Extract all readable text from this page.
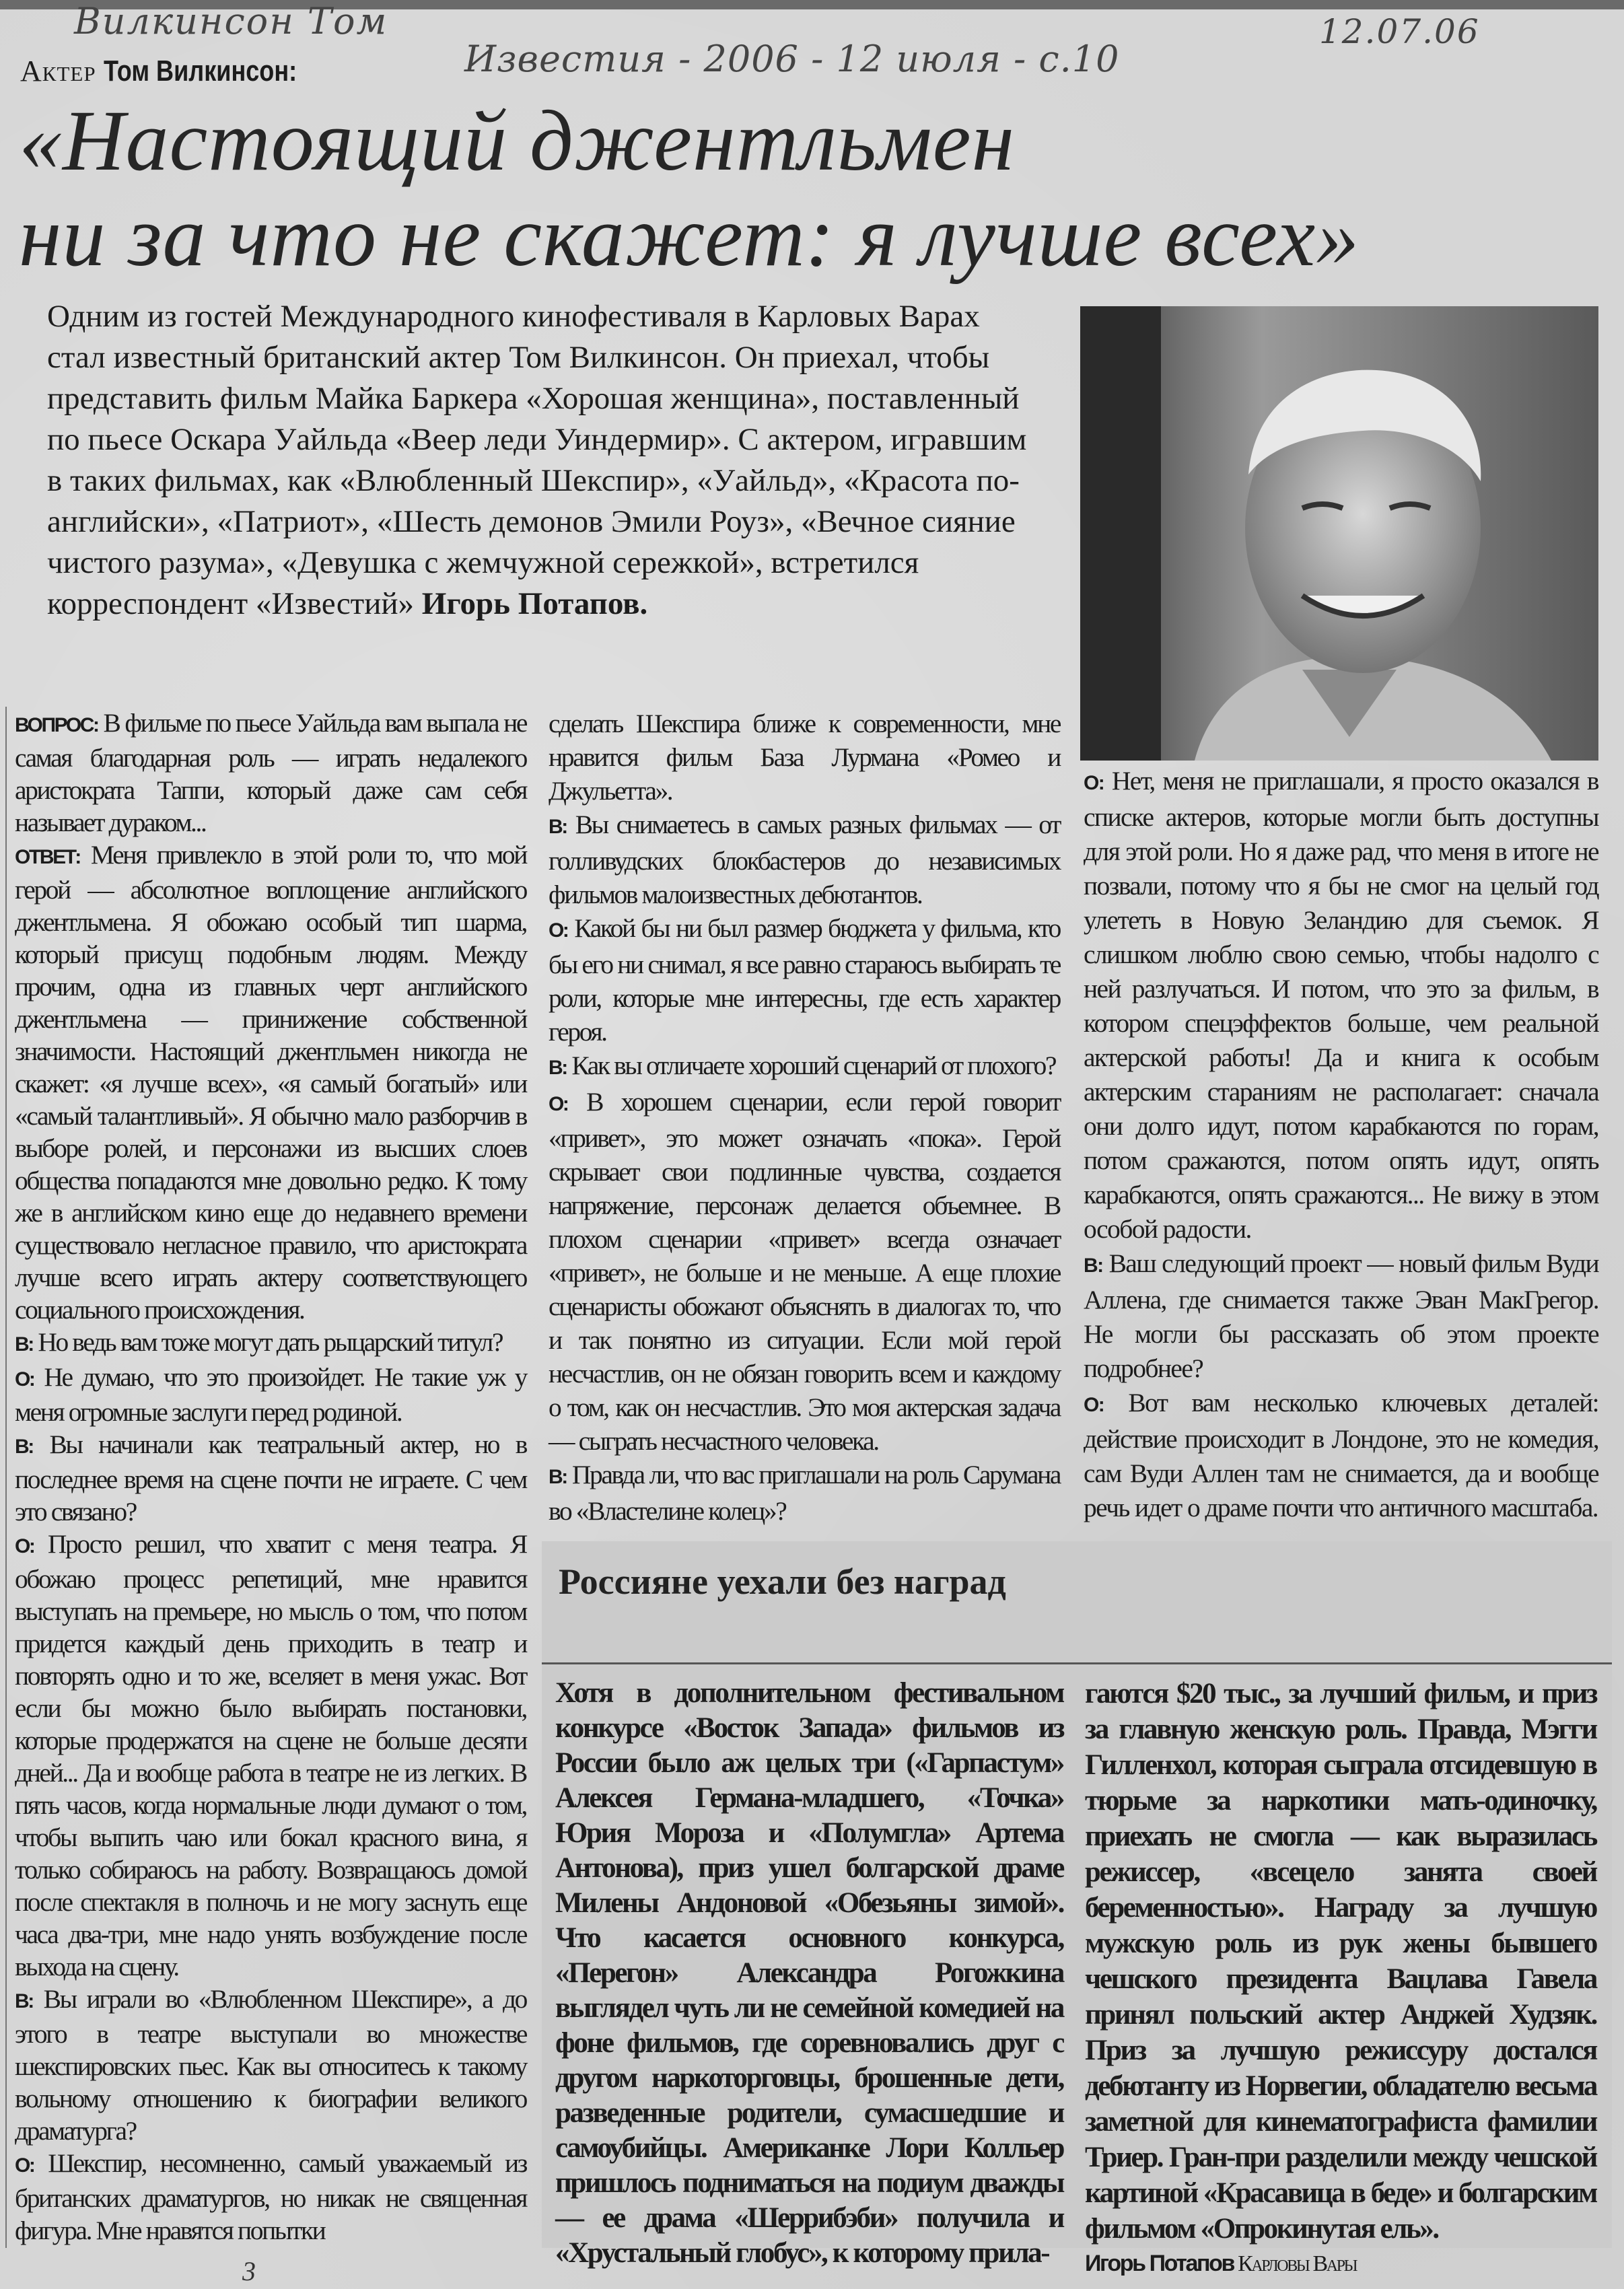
Вилкинсон Том
Известия - 2006 - 12 июля - с.10
12.07.06
Актер Том Вилкинсон:
«Настоящий джентльмен
ни за что не скажет: я лучше всех»
Одним из гостей Международного кинофестиваля в Карловых Варах стал известный британский актер Том Вилкинсон. Он приехал, чтобы представить фильм Майка Баркера «Хорошая женщина», поставленный по пьесе Оскара Уайльда «Веер леди Уиндермир». С актером, игравшим в таких фильмах, как «Влюбленный Шекспир», «Уайльд», «Красота по-английски», «Патриот», «Шесть демонов Эмили Роуз», «Вечное сияние чистого разума», «Девушка с жемчужной сережкой», встретился корреспондент «Известий» Игорь Потапов.

ВОПРОС: В фильме по пьесе Уайльда вам выпала не самая благодарная роль — играть недалекого аристократа Таппи, который даже сам себя называет дураком...

ОТВЕТ: Меня привлекло в этой роли то, что мой герой — абсолютное воплощение английского джентльмена. Я обожаю особый тип шарма, который присущ подобным людям. Между прочим, одна из главных черт английского джентльмена — принижение собственной значимости. Настоящий джентльмен никогда не скажет: «я лучше всех», «я самый богатый» или «самый талантливый». Я обычно мало разборчив в выборе ролей, и персонажи из высших слоев общества попадаются мне довольно редко. К тому же в английском кино еще до недавнего времени существовало негласное правило, что аристократа лучше всего играть актеру соответствующего социального происхождения.

В: Но ведь вам тоже могут дать рыцарский титул?

О: Не думаю, что это произойдет. Не такие уж у меня огромные заслуги перед родиной.

В: Вы начинали как театральный актер, но в последнее время на сцене почти не играете. С чем это связано?

О: Просто решил, что хватит с меня театра. Я обожаю процесс репетиций, мне нравится выступать на премьере, но мысль о том, что потом придется каждый день приходить в театр и повторять одно и то же, вселяет в меня ужас. Вот если бы можно было выбирать постановки, которые продержатся на сцене не больше десяти дней... Да и вообще работа в театре не из легких. В пять часов, когда нормальные люди думают о том, чтобы выпить чаю или бокал красного вина, я только собираюсь на работу. Возвращаюсь домой после спектакля в полночь и не могу заснуть еще часа два-три, мне надо унять возбуждение после выхода на сцену.

В: Вы играли во «Влюбленном Шекспире», а до этого в театре выступали во множестве шекспировских пьес. Как вы относитесь к такому вольному отношению к биографии великого драматурга?

О: Шекспир, несомненно, самый уважаемый из британских драматургов, но никак не священная фигура. Мне нравятся попытки

сделать Шекспира ближе к современности, мне нравится фильм База Лурмана «Ромео и Джульетта».

В: Вы снимаетесь в самых разных фильмах — от голливудских блокбастеров до независимых фильмов малоизвестных дебютантов.

О: Какой бы ни был размер бюджета у фильма, кто бы его ни снимал, я все равно стараюсь выбирать те роли, которые мне интересны, где есть характер героя.

В: Как вы отличаете хороший сценарий от плохого?

О: В хорошем сценарии, если герой говорит «привет», это может означать «пока». Герой скрывает свои подлинные чувства, создается напряжение, персонаж делается объемнее. В плохом сценарии «привет» всегда означает «привет», не больше и не меньше. А еще плохие сценаристы обожают объяснять в диалогах то, что и так понятно из ситуации. Если мой герой несчастлив, он не обязан говорить всем и каждому о том, как он несчастлив. Это моя актерская задача — сыграть несчастного человека.

В: Правда ли, что вас приглашали на роль Сарумана во «Властелине колец»?

О: Нет, меня не приглашали, я просто оказался в списке актеров, которые могли быть доступны для этой роли. Но я даже рад, что меня в итоге не позвали, потому что я бы не смог на целый год улететь в Новую Зеландию для съемок. Я слишком люблю свою семью, чтобы надолго с ней разлучаться. И потом, что это за фильм, в котором спецэффектов больше, чем реальной актерской работы! Да и книга к особым актерским стараниям не располагает: сначала они долго идут, потом карабкаются по горам, потом сражаются, потом опять идут, опять карабкаются, опять сражаются... Не вижу в этом особой радости.

В: Ваш следующий проект — новый фильм Вуди Аллена, где снимается также Эван МакГрегор. Не могли бы рассказать об этом проекте подробнее?

О: Вот вам несколько ключевых деталей: действие происходит в Лондоне, это не комедия, сам Вуди Аллен там не снимается, да и вообще речь идет о драме почти что античного масштаба.

Россияне уехали без наград

Хотя в дополнительном фестивальном конкурсе «Восток Запада» фильмов из России было аж целых три («Гарпастум» Алексея Германа-младшего, «Точка» Юрия Мороза и «Полумгла» Артема Антонова), приз ушел болгарской драме Милены Андоновой «Обезьяны зимой». Что касается основного конкурса, «Перегон» Александра Рогожкина выглядел чуть ли не семейной комедией на фоне фильмов, где соревновались друг с другом наркоторговцы, брошенные дети, разведенные родители, сумасшедшие и самоубийцы. Американке Лори Колльер пришлось подниматься на подиум дважды — ее драма «Шеррибэби» получила и «Хрустальный глобус», к которому прила-

гаются $20 тыс., за лучший фильм, и приз за главную женскую роль. Правда, Мэгги Гилленхол, которая сыграла отсидевшую в тюрьме за наркотики мать-одиночку, приехать не смогла — как выразилась режиссер, «всецело занята своей беременностью». Награду за лучшую мужскую роль из рук жены бывшего чешского президента Вацлава Гавела принял польский актер Анджей Худзяк. Приз за лучшую режиссуру достался дебютанту из Норвегии, обладателю весьма заметной для кинематографиста фамилии Триер. Гран-при разделили между чешской картиной «Красавица в беде» и болгарским фильмом «Опрокинутая ель».

Игорь Потапов Карловы Вары
3
